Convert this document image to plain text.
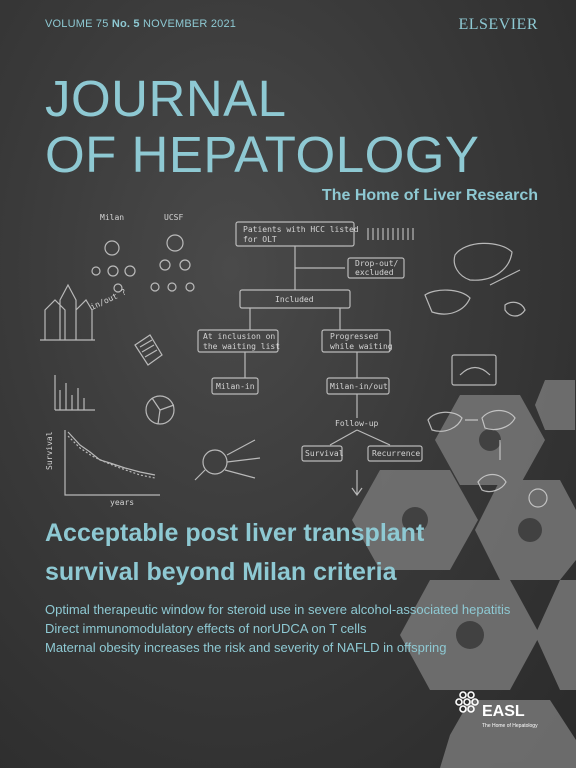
VOLUME 75 No. 5 NOVEMBER 2021	ELSEVIER
JOURNAL
OF HEPATOLOGY
The Home of Liver Research
Milan	UCSF
in/out ?
Survival
years
Patients with HCC listed
for OLT
Drop-out/
excluded
Included
At inclusion on
the waiting list
Progressed
while waiting
Milan-in	Milan-in/out
Follow-up
Survival	Recurrence
Acceptable post liver transplant
survival beyond Milan criteria
Optimal therapeutic window for steroid use in severe alcohol-associated hepatitis
Direct immunomodulatory effects of norUDCA on T cells
Maternal obesity increases the risk and severity of NAFLD in offspring
EASL
The Home of Hepatology
